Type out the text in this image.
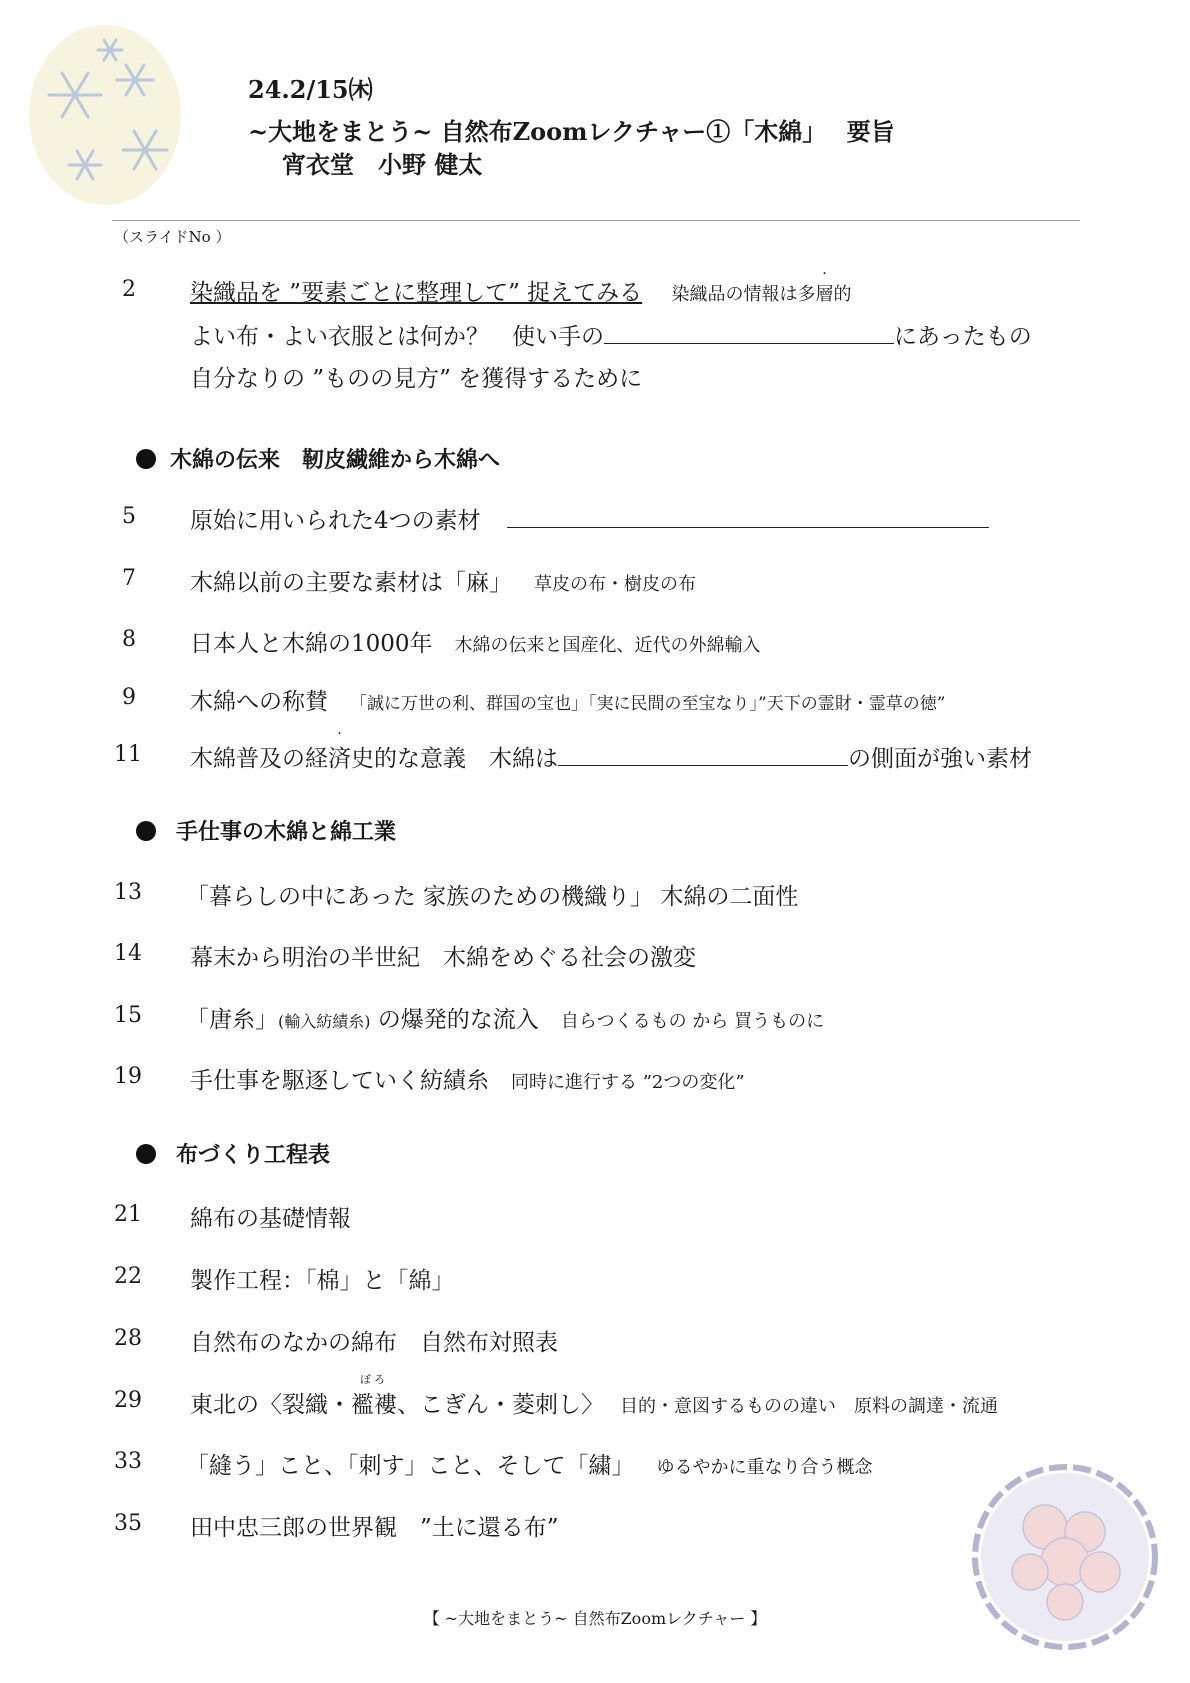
24.2/15㈭
~大地をまとう~ 自然布Zoomレクチャー①「木綿」　 要旨
宵衣堂　小野 健太
（スライドNo ）
2 染織品を ”要素ごとに整理して” 捉えてみる 染織品の情報は・ 多層的
よい布・よい衣服とは何か？　使い手の	にあったもの
自分なりの ”ものの見方” を獲得するために
木綿の伝来　靭皮繊維から木綿へ
5 原始に用いられた4つの素材
7 木綿以前の主要な素材は「麻」 草皮の布・樹皮の布
8 日本人と木綿の1000年 木綿の伝来と国産化、近代の外綿輸入
9 木綿への称賛 「誠に万世の利、群国の宝也」「実に民間の至宝なり」”天下の霊財・霊草の徳”
11 木綿普及の・ 経済史的な意義　木綿は	の側面が強い素材
手仕事の木綿と綿工業
13 「暮らしの中にあった 家族のための機織り」 木綿の二面性
14 幕末から明治の半世紀　木綿をめぐる社会の激変
15 「唐糸」(輸入紡績糸) の爆発的な流入 自らつくるもの から 買うものに
19 手仕事を駆逐していく紡績糸 同時に進行する ”2つの変化”
布づくり工程表
21 綿布の基礎情報
22 製作工程：「棉」と「綿」
28 自然布のなかの綿布　自然布対照表
29 東北の〈裂織・
ぼろ
襤褸、こぎん・菱刺し〉 目的・意図するものの違い　原料の調達・流通
33 「縫う」こと、「刺す」こと、そして「繍」 ゆるやかに重なり合う概念
35 田中忠三郎の世界観　”土に還る布”
【 ~大地をまとう~ 自然布Zoomレクチャー 】
